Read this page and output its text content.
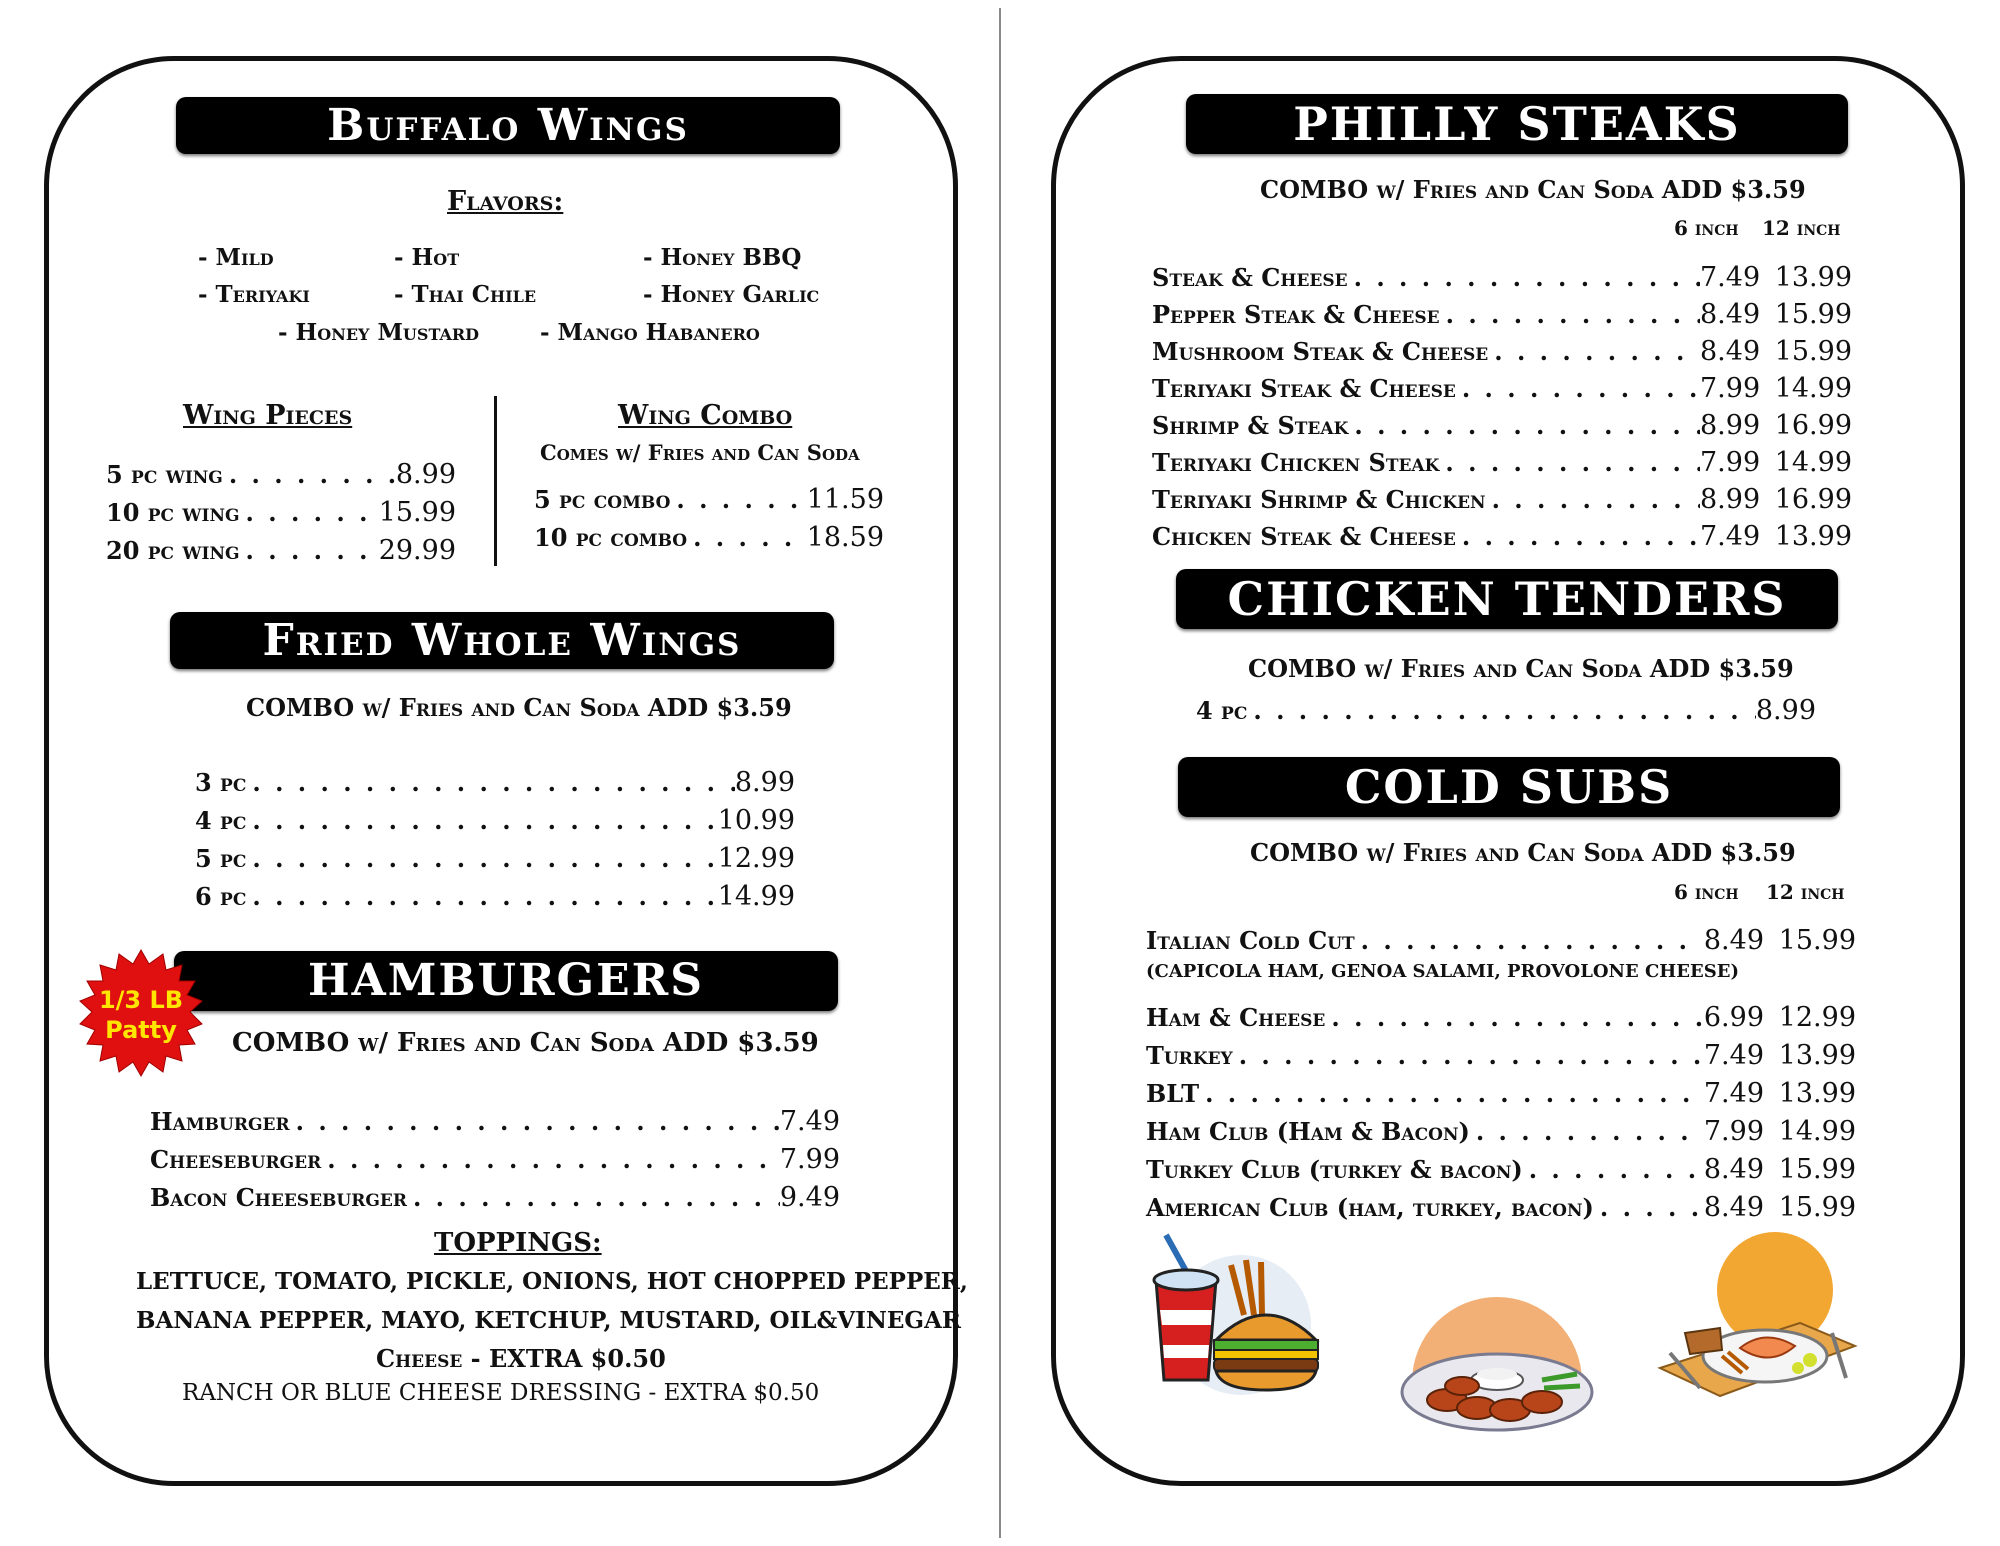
Buffalo Wings
Flavors:
- Mild	- Hot	- Honey BBQ
- Teriyaki	- Thai Chile	- Honey Garlic
- Honey Mustard	- Mango Habanero
Wing Pieces
5 pc wing . . .	8.99
10 pc wing . . .	15.99
20 pc wing . . .	29.99
Wing Combo
Comes w/ Fries and Can Soda
5 pc combo . . .	11.59
10 pc combo . . .	18.59
Fried Whole Wings
COMBO w/ Fries and Can Soda ADD $3.59
3 pc . . .	8.99
4 pc . . .	10.99
5 pc . . .	12.99
6 pc . . .	14.99
HAMBURGERS
1/3 LB
Patty COMBO w/ Fries and Can Soda ADD $3.59
Hamburger . . .	7.49
Cheeseburger . . .	7.99
Bacon Cheeseburger . . .	9.49
TOPPINGS:
LETTUCE, TOMATO, PICKLE, ONIONS, HOT CHOPPED PEPPER,
BANANA PEPPER, MAYO, KETCHUP, MUSTARD, OIL&VINEGAR
Cheese - EXTRA $0.50
RANCH OR BLUE CHEESE DRESSING - EXTRA $0.50
PHILLY STEAKS
COMBO w/ Fries and Can Soda ADD $3.59
6 inch 12 inch
Steak & Cheese . . .	7.49 13.99
Pepper Steak & Cheese . . .	8.49 15.99
Mushroom Steak & Cheese . . .	8.49 15.99
Teriyaki Steak & Cheese . . .	7.99 14.99
Shrimp & Steak . . .	8.99 16.99
Teriyaki Chicken Steak . . .	7.99 14.99
Teriyaki Shrimp & Chicken . . .	8.99 16.99
Chicken Steak & Cheese . . .	7.49 13.99
CHICKEN TENDERS
COMBO w/ Fries and Can Soda ADD $3.59
4 pc . . .	8.99
COLD SUBS
COMBO w/ Fries and Can Soda ADD $3.59
6 inch 12 inch
Italian Cold Cut . . .	8.49 15.99
(CAPICOLA HAM, GENOA SALAMI, PROVOLONE CHEESE)
Ham & Cheese . . .	6.99 12.99
Turkey . . .	7.49 13.99
BLT . . .	7.49 13.99
Ham Club (Ham & Bacon) . . .	7.99 14.99
Turkey Club (turkey & bacon) . . .	8.49 15.99
American Club (ham, turkey, bacon) . . .	8.49 15.99
